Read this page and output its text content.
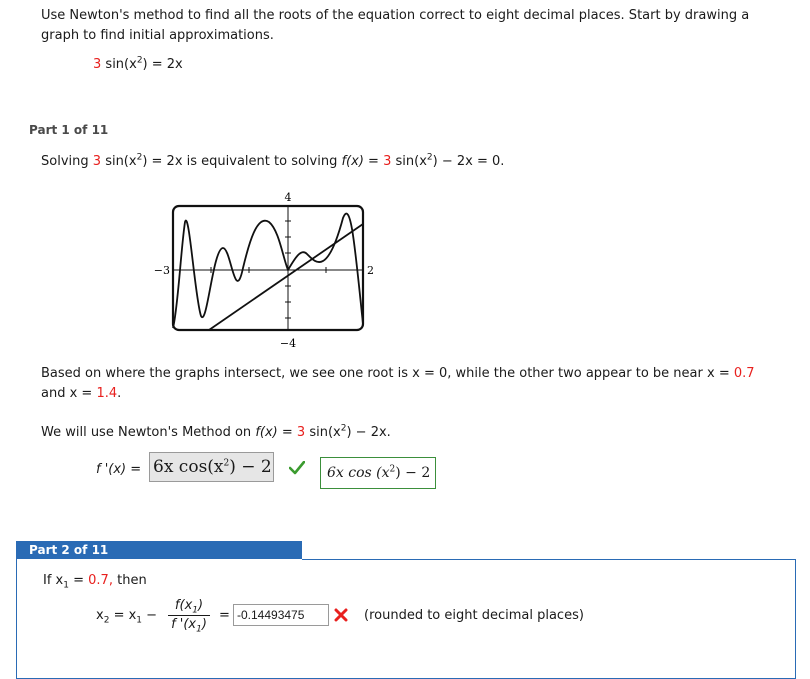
Use Newton's method to find all the roots of the equation correct to eight decimal places. Start by drawing a graph to find initial approximations.
3 $\sin(x^2) = 2x$
Part 1 of 11
Solving 3 $\sin(x^2) = 2x$ is equivalent to solving f(x) = 3 $\sin(x^2) - 2x = 0$.
4
−4
−3	2
Based on where the graphs intersect, we see one root is x = 0, while the other two appear to be near x = 0.7 and x = 1.4.
We will use Newton's Method on f(x) = 3 $\sin(x^2) - 2x$.
f '(x) = 6x $\cos(x^2) - 2$	6x $\cos (x^2) - 2$
Part 2 of 11
If $x_1 = 0.7$, then
$x_2 = x_1$ −
$f(x_1)$
f '$(x_1)$
= -0.14493475	(rounded to eight decimal places)
